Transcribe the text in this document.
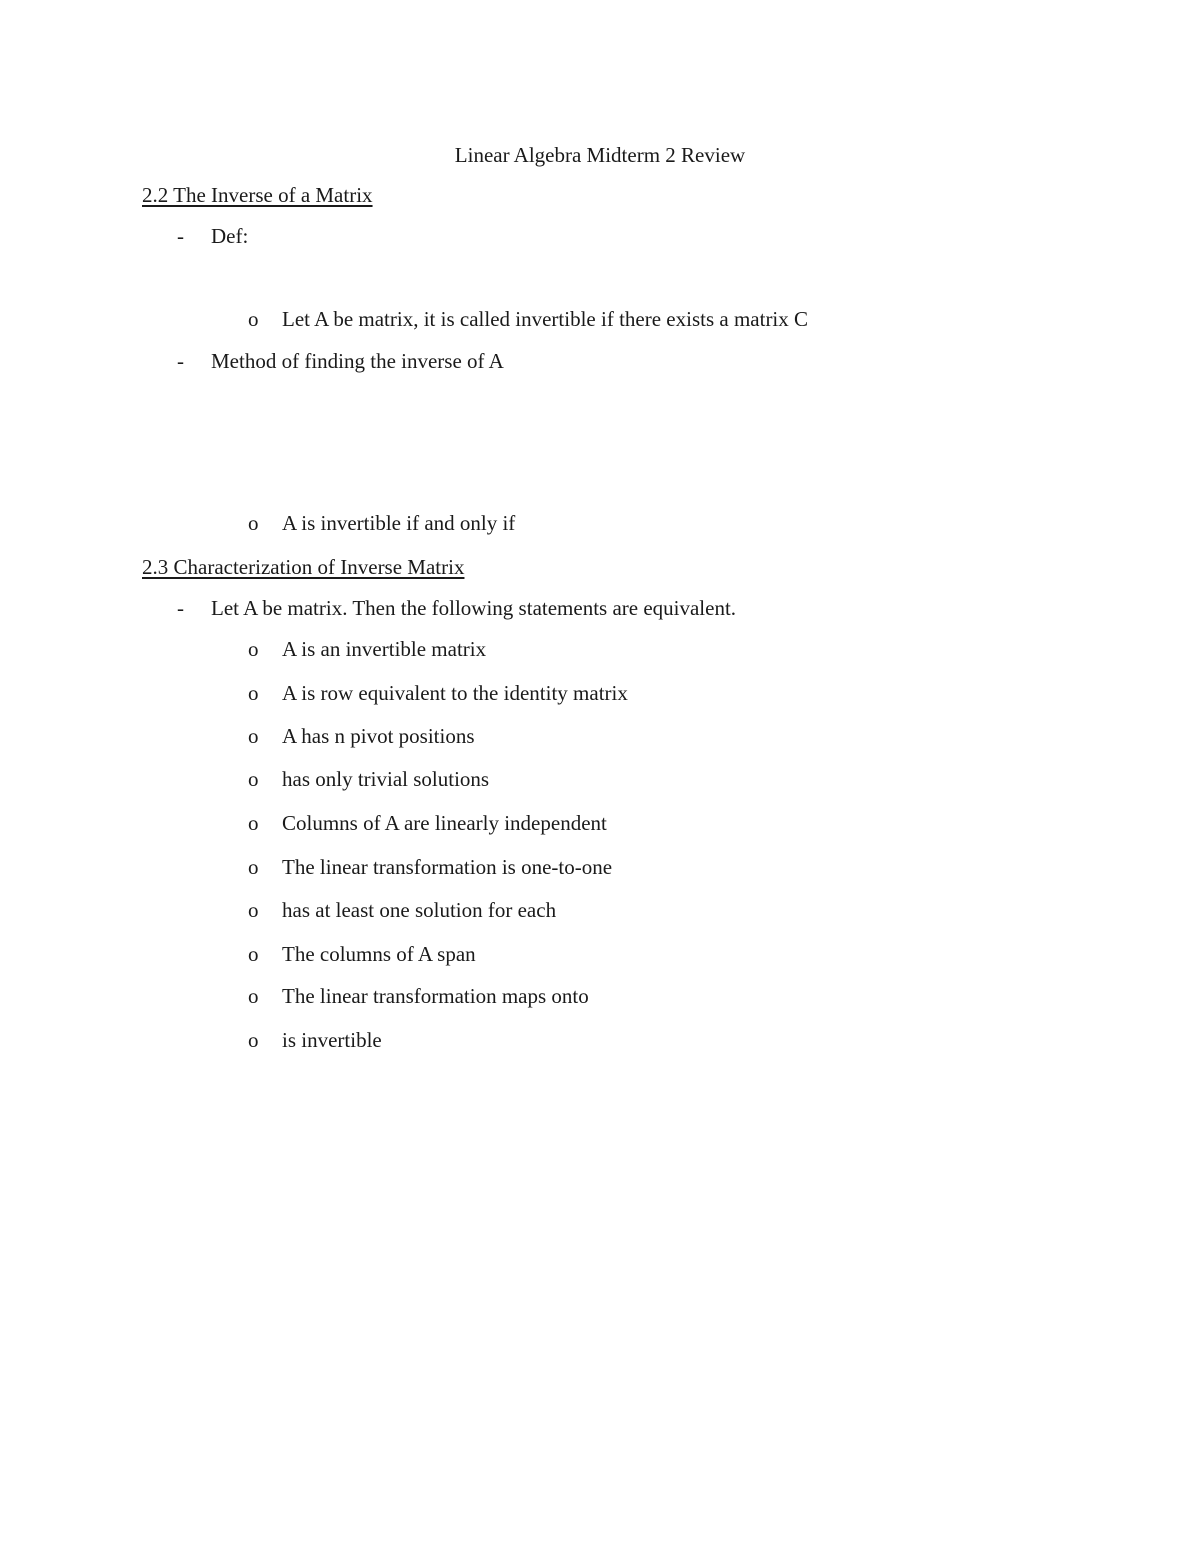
Linear Algebra Midterm 2 Review
2.2 The Inverse of a Matrix
- Def:
o Let A be matrix, it is called invertible if there exists a matrix C
- Method of finding the inverse of A
o A is invertible if and only if
2.3 Characterization of Inverse Matrix
- Let A be matrix. Then the following statements are equivalent.
o A is an invertible matrix
o A is row equivalent to the identity matrix
o A has n pivot positions
o has only trivial solutions
o Columns of A are linearly independent
o The linear transformation is one-to-one
o has at least one solution for each
o The columns of A span
o The linear transformation maps onto
o is invertible
